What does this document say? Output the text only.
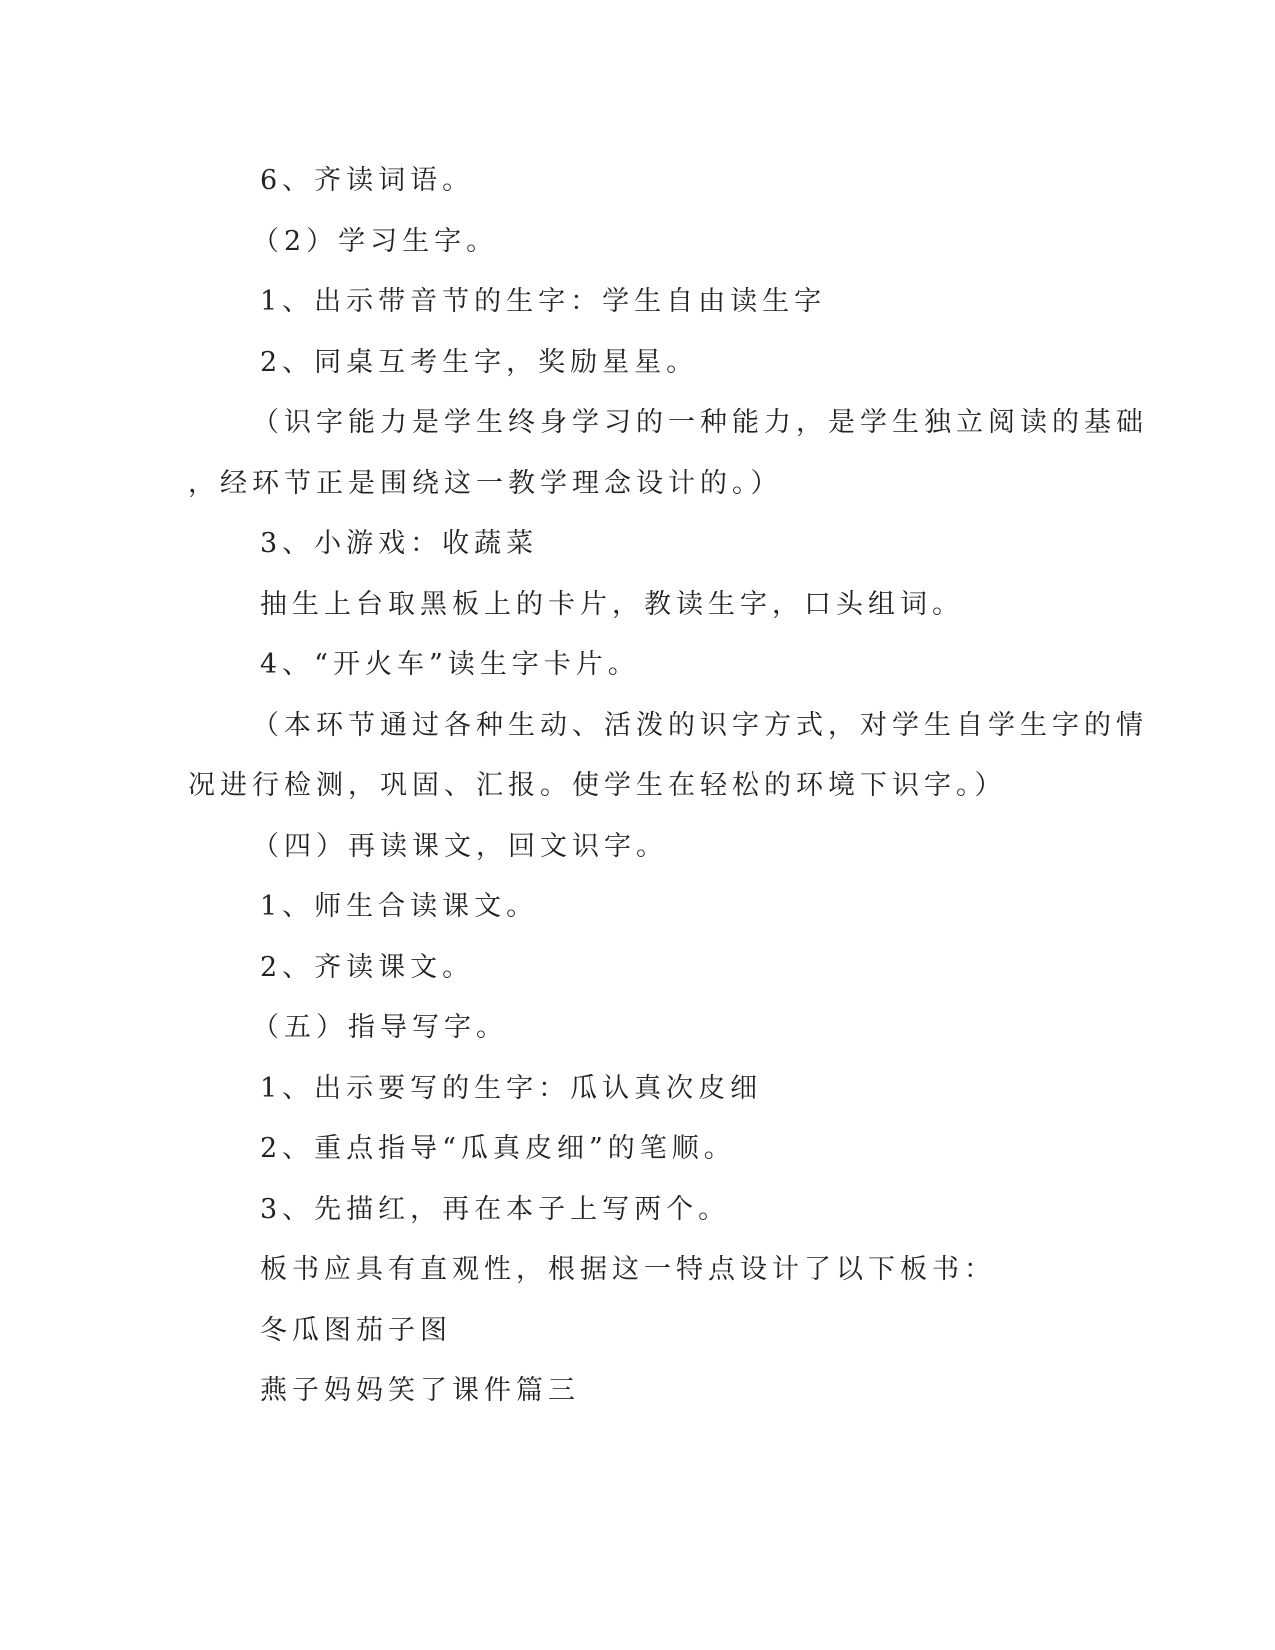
6、齐读词语。
（2）学习生字。
1、出示带音节的生字：学生自由读生字
2、同桌互考生字，奖励星星。
（识字能力是学生终身学习的一种能力，是学生独立阅读的基础
，经环节正是围绕这一教学理念设计的。）
3、小游戏：收蔬菜
抽生上台取黑板上的卡片，教读生字，口头组词。
4、“开火车”读生字卡片。
（本环节通过各种生动、活泼的识字方式，对学生自学生字的情
况进行检测，巩固、汇报。使学生在轻松的环境下识字。）
（四）再读课文，回文识字。
1、师生合读课文。
2、齐读课文。
（五）指导写字。
1、出示要写的生字：瓜认真次皮细
2、重点指导“瓜真皮细”的笔顺。
3、先描红，再在本子上写两个。
板书应具有直观性，根据这一特点设计了以下板书：
冬瓜图茄子图
燕子妈妈笑了课件篇三
